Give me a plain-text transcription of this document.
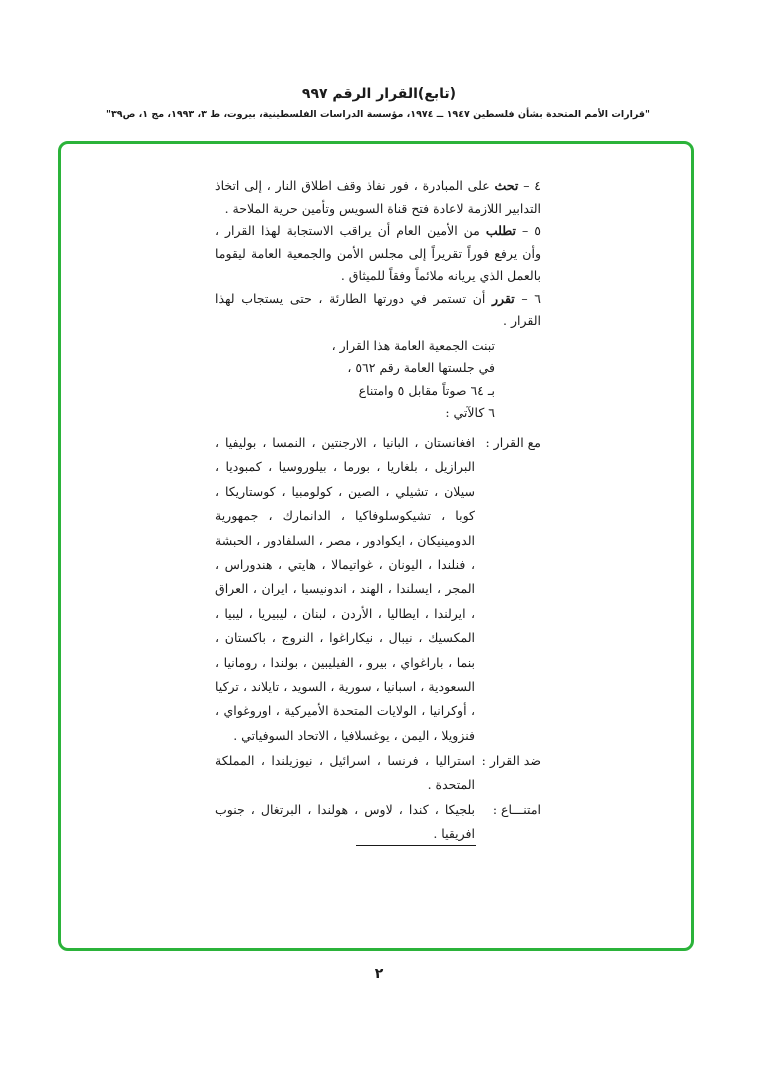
(تابع)القرار الرقم ٩٩٧
"قرارات الأمم المتحدة بشأن فلسطين ١٩٤٧ ــ ١٩٧٤، مؤسسة الدراسات الفلسطينية، بيروت، ط ٣، ١٩٩٣، مج ١، ص٣٩"

٤ – تحث على المبادرة ، فور نفاذ وقف اطلاق النار ، إلى اتخاذ التدابير اللازمة لاعادة فتح قناة السويس وتأمين حرية الملاحة .

٥ – تطلب من الأمين العام أن يراقب الاستجابة لهذا القرار ، وأن يرفع فوراً تقريراً إلى مجلس الأمن والجمعية العامة ليقوما بالعمل الذي يريانه ملائماً وفقاً للميثاق .

٦ – تقرر أن تستمر في دورتها الطارئة ، حتى يستجاب لهذا القرار .

تبنت الجمعية العامة هذا القرار ،
في جلستها العامة رقم ٥٦٢ ،
بـ ٦٤ صوتاً مقابل ٥ وامتناع
٦ كالآتي :
مع القرار :
افغانستان ، البانيا ، الارجنتين ، النمسا ، بوليفيا ، البرازيل ، بلغاريا ، بورما ، بيلوروسيا ، كمبوديا ، سيلان ، تشيلي ، الصين ، كولومبيا ، كوستاريكا ، كوبا ، تشيكوسلوفاكيا ، الدانمارك ، جمهورية الدومينيكان ، ايكوادور ، مصر ، السلفادور ، الحبشة ، فنلندا ، اليونان ، غواتيمالا ، هايتي ، هندوراس ، المجر ، ايسلندا ، الهند ، اندونيسيا ، ايران ، العراق ، ايرلندا ، ايطاليا ، الأردن ، لبنان ، ليبيريا ، ليبيا ، المكسيك ، نيبال ، نيكاراغوا ، النروج ، باكستان ، بنما ، باراغواي ، بيرو ، الفيليبين ، بولندا ، رومانيا ، السعودية ، اسبانيا ، سورية ، السويد ، تايلاند ، تركيا ، أوكرانيا ، الولايات المتحدة الأميركية ، اوروغواي ، فنزويلا ، اليمن ، يوغسلافيا ، الاتحاد السوفياتي .
ضد القرار :
استراليا ، فرنسا ، اسرائيل ، نيوزيلندا ، المملكة المتحدة .
امتنـــاع :
بلجيكا ، كندا ، لاوس ، هولندا ، البرتغال ، جنوب افريقيا .
٢
